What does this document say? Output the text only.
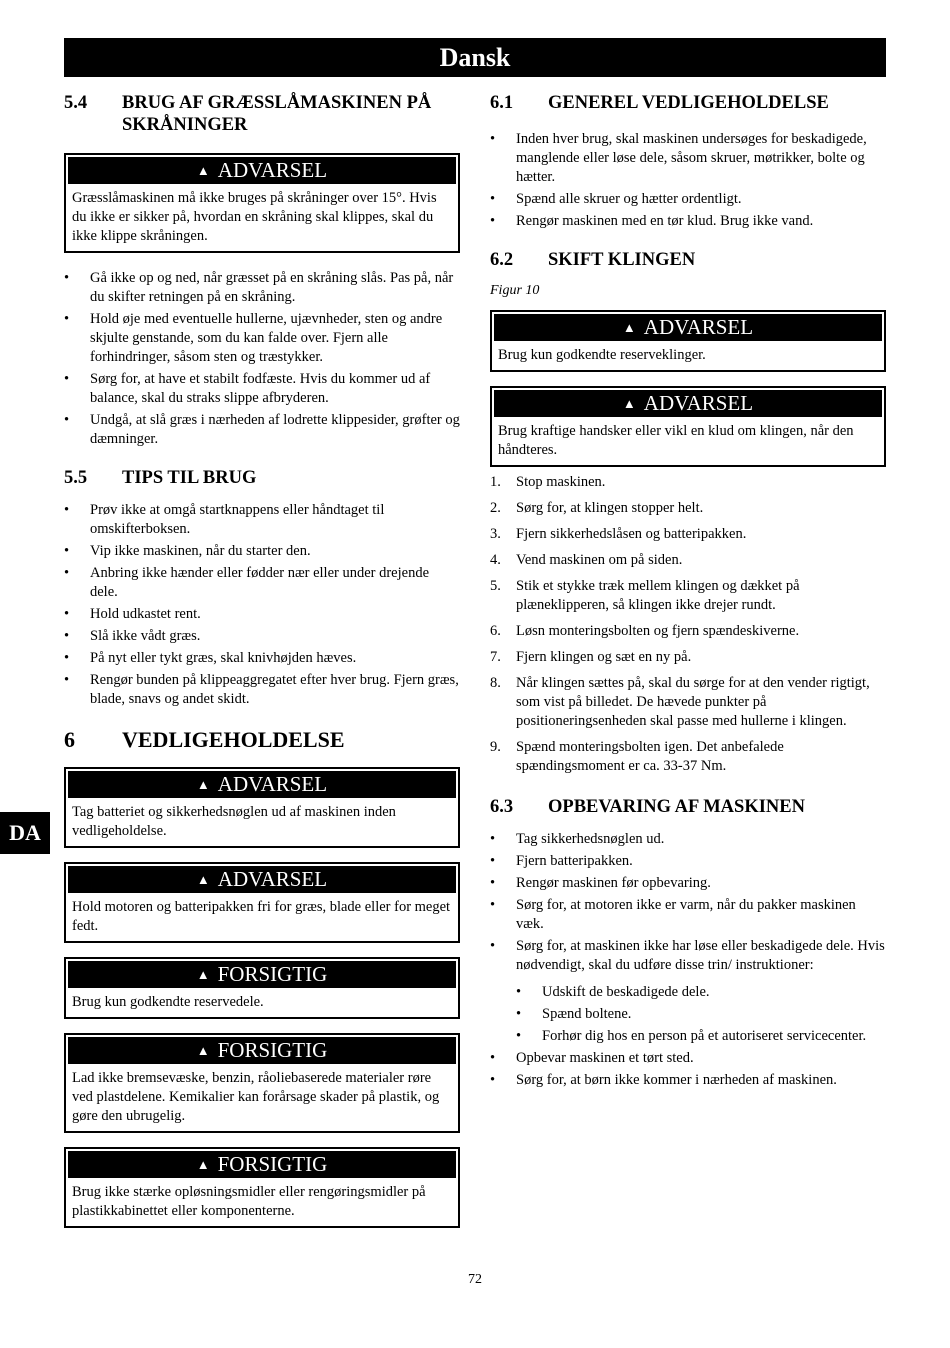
Dansk
DA
5.4	BRUG AF GRÆSSLÅMASKINEN PÅ SKRÅNINGER
▲ ADVARSEL
Græsslåmaskinen må ikke bruges på skråninger over 15°. Hvis du ikke er sikker på, hvordan en skråning skal klippes, skal du ikke klippe skråningen.
• Gå ikke op og ned, når græsset på en skråning slås. Pas på, når du skifter retningen på en skråning.
• Hold øje med eventuelle hullerne, ujævnheder, sten og andre skjulte genstande, som du kan falde over. Fjern alle forhindringer, såsom sten og træstykker.
• Sørg for, at have et stabilt fodfæste. Hvis du kommer ud af balance, skal du straks slippe afbryderen.
• Undgå, at slå græs i nærheden af lodrette klippesider, grøfter og dæmninger.
5.5	TIPS TIL BRUG
• Prøv ikke at omgå startknappens eller håndtaget til omskifterboksen.
• Vip ikke maskinen, når du starter den.
• Anbring ikke hænder eller fødder nær eller under drejende dele.
• Hold udkastet rent.
• Slå ikke vådt græs.
• På nyt eller tykt græs, skal knivhøjden hæves.
• Rengør bunden på klippeaggregatet efter hver brug. Fjern græs, blade, snavs og andet skidt.
6	VEDLIGEHOLDELSE
▲ ADVARSEL
Tag batteriet og sikkerhedsnøglen ud af maskinen inden vedligeholdelse.
▲ ADVARSEL
Hold motoren og batteripakken fri for græs, blade eller for meget fedt.
▲ FORSIGTIG
Brug kun godkendte reservedele.
▲ FORSIGTIG
Lad ikke bremsevæske, benzin, råoliebaserede materialer røre ved plastdelene. Kemikalier kan forårsage skader på plastik, og gøre den ubrugelig.
▲ FORSIGTIG
Brug ikke stærke opløsningsmidler eller rengøringsmidler på plastikkabinettet eller komponenterne.
6.1	GENEREL VEDLIGEHOLDELSE
• Inden hver brug, skal maskinen undersøges for beskadigede, manglende eller løse dele, såsom skruer, møtrikker, bolte og hætter.
• Spænd alle skruer og hætter ordentligt.
• Rengør maskinen med en tør klud. Brug ikke vand.
6.2	SKIFT KLINGEN
Figur 10
▲ ADVARSEL
Brug kun godkendte reserveklinger.
▲ ADVARSEL
Brug kraftige handsker eller vikl en klud om klingen, når den håndteres.
1. Stop maskinen.
2. Sørg for, at klingen stopper helt.
3. Fjern sikkerhedslåsen og batteripakken.
4. Vend maskinen om på siden.
5. Stik et stykke træk mellem klingen og dækket på plæneklipperen, så klingen ikke drejer rundt.
6. Løsn monteringsbolten og fjern spændeskiverne.
7. Fjern klingen og sæt en ny på.
8. Når klingen sættes på, skal du sørge for at den vender rigtigt, som vist på billedet. De hævede punkter på positioneringsenheden skal passe med hullerne i klingen.
9. Spænd monteringsbolten igen. Det anbefalede spændingsmoment er ca. 33-37 Nm.
6.3	OPBEVARING AF MASKINEN
• Tag sikkerhedsnøglen ud.
• Fjern batteripakken.
• Rengør maskinen før opbevaring.
• Sørg for, at motoren ikke er varm, når du pakker maskinen væk.
• Sørg for, at maskinen ikke har løse eller beskadigede dele. Hvis nødvendigt, skal du udføre disse trin/ instruktioner:
• Udskift de beskadigede dele.
• Spænd boltene.
• Forhør dig hos en person på et autoriseret servicecenter.
• Opbevar maskinen et tørt sted.
• Sørg for, at børn ikke kommer i nærheden af maskinen.
72
